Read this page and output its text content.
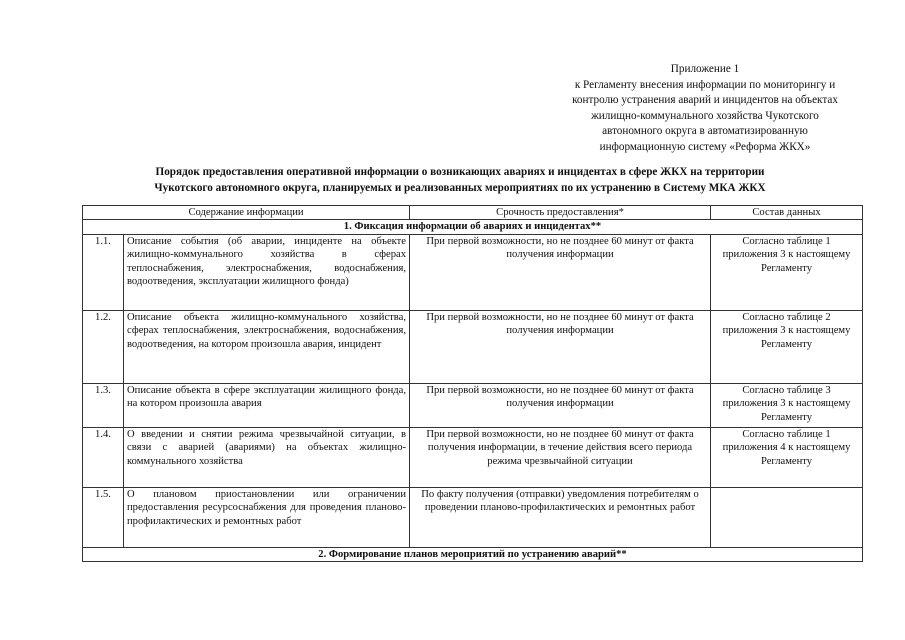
Приложение 1
к Регламенту внесения информации по мониторингу и
контролю устранения аварий и инцидентов на объектах
жилищно-коммунального хозяйства Чукотского
автономного округа в автоматизированную
информационную систему «Реформа ЖКХ»
Порядок предоставления оперативной информации о возникающих авариях и инцидентах в сфере ЖКХ на территории
Чукотского автономного округа, планируемых и реализованных мероприятиях по их устранению в Систему МКА ЖКХ
Содержание информации		Срочность предоставления*	Состав данных
1. Фиксация информации об авариях и инцидентах**			
1.1.	Описание события (об аварии, инциденте на объекте жилищно-коммунального хозяйства в сферах теплоснабжения, электроснабжения, водоснабжения, водоотведения, эксплуатации жилищного фонда)	При первой возможности, но не позднее 60 минут от факта получения информации	Согласно таблице 1 приложения 3 к настоящему Регламенту
1.2.	Описание объекта жилищно-коммунального хозяйства, сферах теплоснабжения, электроснабжения, водоснабжения, водоотведения, на котором произошла авария, инцидент	При первой возможности, но не позднее 60 минут от факта получения информации	Согласно таблице 2 приложения 3 к настоящему Регламенту
1.3.	Описание объекта в сфере эксплуатации жилищного фонда, на котором произошла авария	При первой возможности, но не позднее 60 минут от факта получения информации	Согласно таблице 3 приложения 3 к настоящему Регламенту
1.4.	О введении и снятии режима чрезвычайной ситуации, в связи с аварией (авариями) на объектах жилищно-коммунального хозяйства	При первой возможности, но не позднее 60 минут от факта получения информации, в течение действия всего периода режима чрезвычайной ситуации	Согласно таблице 1 приложения 4 к настоящему Регламенту
1.5.	О плановом приостановлении или ограничении предоставления ресурсоснабжения для проведения планово-профилактических и ремонтных работ	По факту получения (отправки) уведомления потребителям о проведении планово-профилактических и ремонтных работ	
2. Формирование планов мероприятий по устранению аварий**			
